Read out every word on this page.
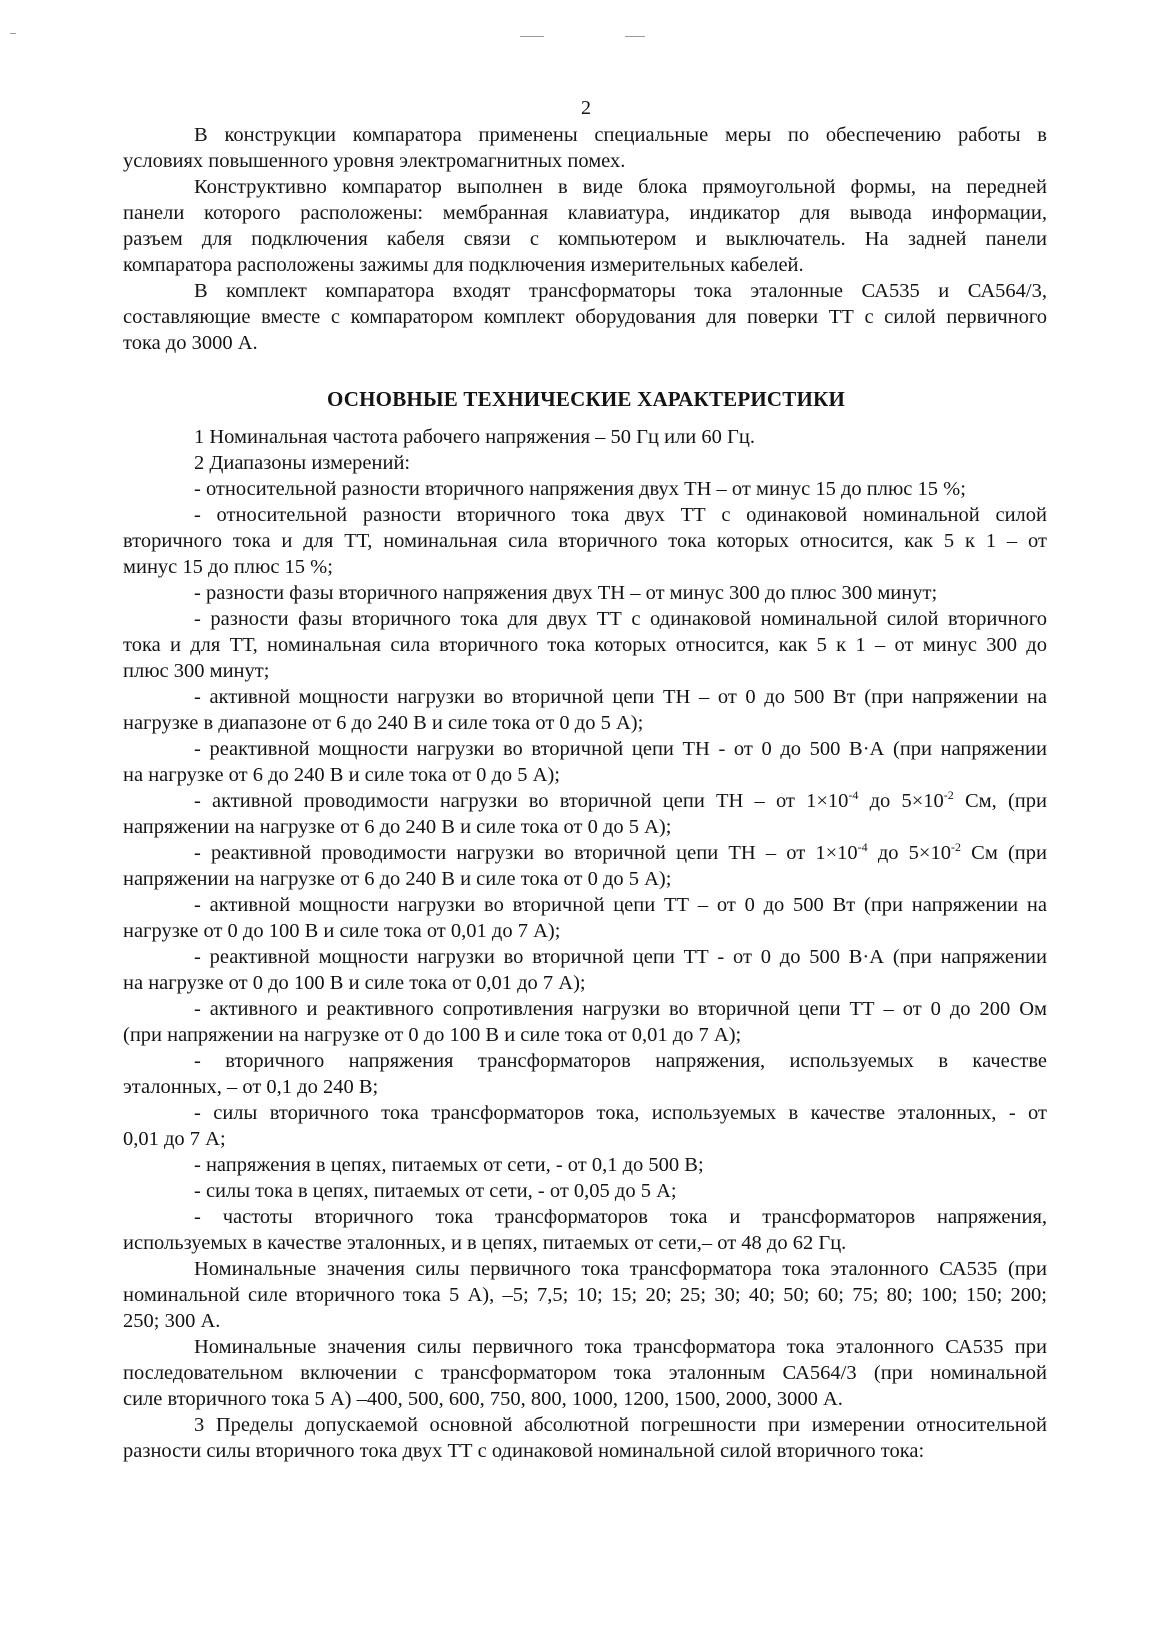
2
ОСНОВНЫЕ ТЕХНИЧЕСКИЕ ХАРАКТЕРИСТИКИ
В конструкции компаратора применены специальные меры по обеспечению работы в
условиях повышенного уровня электромагнитных помех.
Конструктивно компаратор выполнен в виде блока прямоугольной формы, на передней
панели которого расположены: мембранная клавиатура, индикатор для вывода информации,
разъем для подключения кабеля связи с компьютером и выключатель. На задней панели
компаратора расположены зажимы для подключения измерительных кабелей.
В комплект компаратора входят трансформаторы тока эталонные СА535 и СА564/3,
составляющие вместе с компаратором комплект оборудования для поверки ТТ с силой первичного
тока до 3000 А.
1 Номинальная частота рабочего напряжения – 50 Гц или 60 Гц.
2 Диапазоны измерений:
- относительной разности вторичного напряжения двух ТН – от минус 15 до плюс 15 %;
- относительной разности вторичного тока двух ТТ с одинаковой номинальной силой
вторичного тока и для ТТ, номинальная сила вторичного тока которых относится, как 5 к 1 – от
минус 15 до плюс 15 %;
- разности фазы вторичного напряжения двух ТН – от минус 300 до плюс 300 минут;
- разности фазы вторичного тока для двух ТТ с одинаковой номинальной силой вторичного
тока и для ТТ, номинальная сила вторичного тока которых относится, как 5 к 1 – от минус 300 до
плюс 300 минут;
- активной мощности нагрузки во вторичной цепи ТН – от 0 до 500 Вт (при напряжении на
нагрузке в диапазоне от 6 до 240 В и силе тока от 0 до 5 А);
- реактивной мощности нагрузки во вторичной цепи ТН - от 0 до 500 В·А (при напряжении
на нагрузке от 6 до 240 В и силе тока от 0 до 5 А);
- активной проводимости нагрузки во вторичной цепи ТН – от $1\times 10^{-4}$ до $5\times 10^{-2}$ См, (при
напряжении на нагрузке от 6 до 240 В и силе тока от 0 до 5 А);
- реактивной проводимости нагрузки во вторичной цепи ТН – от $1\times 10^{-4}$ до $5\times 10^{-2}$ См (при
напряжении на нагрузке от 6 до 240 В и силе тока от 0 до 5 А);
- активной мощности нагрузки во вторичной цепи ТТ – от 0 до 500 Вт (при напряжении на
нагрузке от 0 до 100 В и силе тока от 0,01 до 7 А);
- реактивной мощности нагрузки во вторичной цепи ТТ - от 0 до 500 В·А (при напряжении
на нагрузке от 0 до 100 В и силе тока от 0,01 до 7 А);
- активного и реактивного сопротивления нагрузки во вторичной цепи ТТ – от 0 до 200 Ом
(при напряжении на нагрузке от 0 до 100 В и силе тока от 0,01 до 7 А);
- вторичного напряжения трансформаторов напряжения, используемых в качестве
эталонных, – от 0,1 до 240 В;
- силы вторичного тока трансформаторов тока, используемых в качестве эталонных, - от
0,01 до 7 А;
- напряжения в цепях, питаемых от сети, - от 0,1 до 500 В;
- силы тока в цепях, питаемых от сети, - от 0,05 до 5 А;
- частоты вторичного тока трансформаторов тока и трансформаторов напряжения,
используемых в качестве эталонных, и в цепях, питаемых от сети,– от 48 до 62 Гц.
Номинальные значения силы первичного тока трансформатора тока эталонного СА535 (при
номинальной силе вторичного тока 5 А), –5; 7,5; 10; 15; 20; 25; 30; 40; 50; 60; 75; 80; 100; 150; 200;
250; 300 А.
Номинальные значения силы первичного тока трансформатора тока эталонного СА535 при
последовательном включении с трансформатором тока эталонным СА564/3 (при номинальной
силе вторичного тока 5 А) –400, 500, 600, 750, 800, 1000, 1200, 1500, 2000, 3000 А.
3 Пределы допускаемой основной абсолютной погрешности при измерении относительной
разности силы вторичного тока двух ТТ с одинаковой номинальной силой вторичного тока:
